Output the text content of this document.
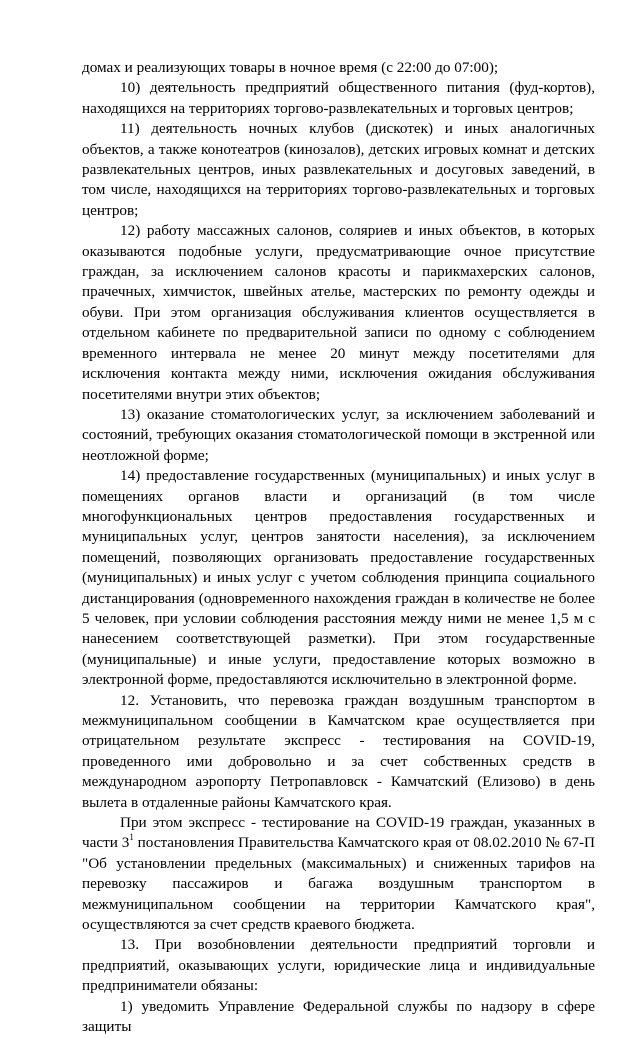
домах и реализующих товары в ночное время (с 22:00 до 07:00);

10) деятельность предприятий общественного питания (фуд-кортов), находящихся на территориях торгово-развлекательных и торговых центров;

11) деятельность ночных клубов (дискотек) и иных аналогичных объектов, а также конотеатров (кинозалов), детских игровых комнат и детских развлекательных центров, иных развлекательных и досуговых заведений, в том числе, находящихся на территориях торгово-развлекательных и торговых центров;

12) работу массажных салонов, соляриев и иных объектов, в которых оказываются подобные услуги, предусматривающие очное присутствие граждан, за исключением салонов красоты и парикмахерских салонов, прачечных, химчисток, швейных ателье, мастерских по ремонту одежды и обуви. При этом организация обслуживания клиентов осуществляется в отдельном кабинете по предварительной записи по одному с соблюдением временного интервала не менее 20 минут между посетителями для исключения контакта между ними, исключения ожидания обслуживания посетителями внутри этих объектов;

13) оказание стоматологических услуг, за исключением заболеваний и состояний, требующих оказания стоматологической помощи в экстренной или неотложной форме;

14) предоставление государственных (муниципальных) и иных услуг в помещениях органов власти и организаций (в том числе многофункциональных центров предоставления государственных и муниципальных услуг, центров занятости населения), за исключением помещений, позволяющих организовать предоставление государственных (муниципальных) и иных услуг с учетом соблюдения принципа социального дистанцирования (одновременного нахождения граждан в количестве не более 5 человек, при условии соблюдения расстояния между ними не менее 1,5 м с нанесением соответствующей разметки). При этом государственные (муниципальные) и иные услуги, предоставление которых возможно в электронной форме, предоставляются исключительно в электронной форме.

12. Установить, что перевозка граждан воздушным транспортом в межмуниципальном сообщении в Камчатском крае осуществляется при отрицательном результате экспресс - тестирования на COVID-19, проведенного ими добровольно и за счет собственных средств в международном аэропорту Петропавловск - Камчатский (Елизово) в день вылета в отдаленные районы Камчатского края.

При этом экспресс - тестирование на COVID-19 граждан, указанных в части $3^1$ постановления Правительства Камчатского края от 08.02.2010 № 67-П "Об установлении предельных (максимальных) и сниженных тарифов на перевозку пассажиров и багажа воздушным транспортом в межмуниципальном сообщении на территории Камчатского края", осуществляются за счет средств краевого бюджета.

13. При возобновлении деятельности предприятий торговли и предприятий, оказывающих услуги, юридические лица и индивидуальные предприниматели обязаны:

1) уведомить Управление Федеральной службы по надзору в сфере защиты
